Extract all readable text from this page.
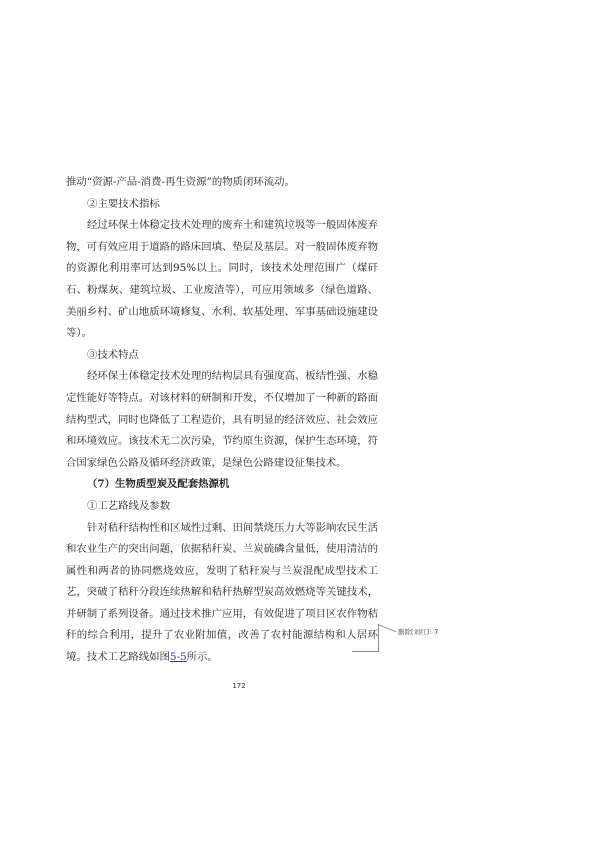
推动“资源-产品-消费-再生资源”的物质闭环流动。

②主要技术指标

经过环保土体稳定技术处理的废弃土和建筑垃圾等一般固体废弃物，可有效应用于道路的路床回填、垫层及基层。对一般固体废弃物的资源化利用率可达到95%以上。同时，该技术处理范围广（煤矸石、粉煤灰、建筑垃圾、工业废渣等），可应用领域多（绿色道路、美丽乡村、矿山地质环境修复、水利、软基处理、军事基础设施建设等）。

③技术特点

经环保土体稳定技术处理的结构层具有强度高、板结性强、水稳定性能好等特点。对该材料的研制和开发，不仅增加了一种新的路面结构型式，同时也降低了工程造价，具有明显的经济效应、社会效应和环境效应。该技术无二次污染，节约原生资源，保护生态环境，符合国家绿色公路及循环经济政策，是绿色公路建设征集技术。

（7）生物质型炭及配套热源机

①工艺路线及参数

针对秸秆结构性和区域性过剩、田间禁烧压力大等影响农民生活和农业生产的突出问题，依据秸秆炭、兰炭硫磷含量低，使用清洁的属性和两者的协同燃烧效应，发明了秸秆炭与兰炭混配成型技术工艺，突破了秸秆分段连续热解和秸秆热解型炭高效燃烧等关键技术，并研制了系列设备。通过技术推广应用，有效促进了项目区农作物秸秆的综合利用，提升了农业附加值，改善了农村能源结构和人居环境。技术工艺路线如图5-5所示。

删除[刘红]: 7
172
